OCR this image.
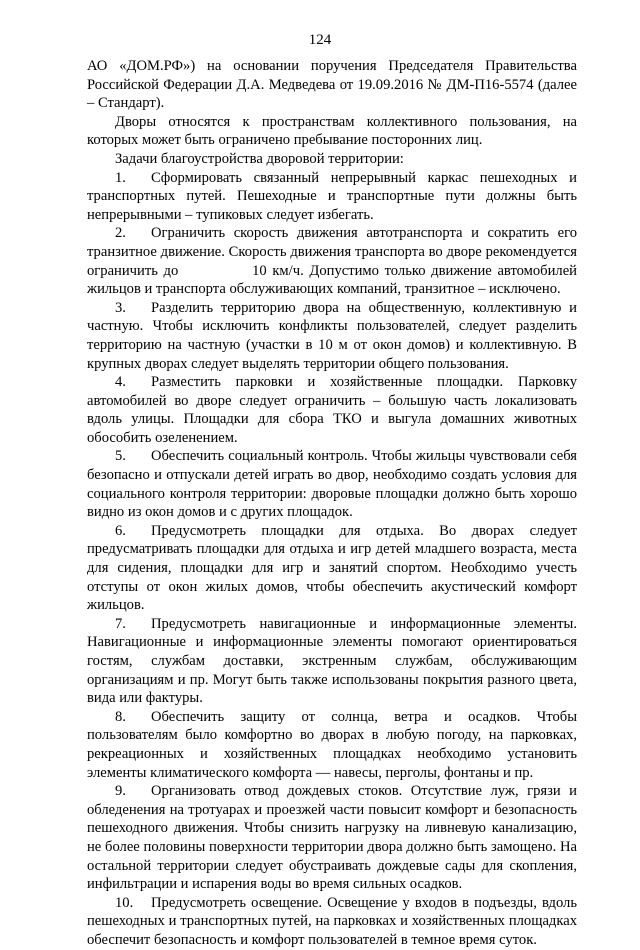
124

АО «ДОМ.РФ») на основании поручения Председателя Правительства Российской Федерации Д.А. Медведева от 19.09.2016 № ДМ-П16-5574 (далее – Стандарт).

Дворы относятся к пространствам коллективного пользования, на которых может быть ограничено пребывание посторонних лиц.

Задачи благоустройства дворовой территории:

1. Сформировать связанный непрерывный каркас пешеходных и транспортных путей. Пешеходные и транспортные пути должны быть непрерывными – тупиковых следует избегать.

2. Ограничить скорость движения автотранспорта и сократить его транзитное движение. Скорость движения транспорта во дворе рекомендуется ограничить до             10 км/ч. Допустимо только движение автомобилей жильцов и транспорта обслуживающих компаний, транзитное – исключено.

3. Разделить территорию двора на общественную, коллективную и частную. Чтобы исключить конфликты пользователей, следует разделить территорию на частную (участки в 10 м от окон домов) и коллективную. В крупных дворах следует выделять территории общего пользования.

4. Разместить парковки и хозяйственные площадки. Парковку автомобилей во дворе следует ограничить – большую часть локализовать вдоль улицы. Площадки для сбора ТКО и выгула домашних животных обособить озеленением.

5. Обеспечить социальный контроль. Чтобы жильцы чувствовали себя безопасно и отпускали детей играть во двор, необходимо создать условия для социального контроля территории: дворовые площадки должно быть хорошо видно из окон домов и с других площадок.

6. Предусмотреть площадки для отдыха. Во дворах следует предусматривать площадки для отдыха и игр детей младшего возраста, места для сидения, площадки для игр и занятий спортом. Необходимо учесть отступы от окон жилых домов, чтобы обеспечить акустический комфорт жильцов.

7. Предусмотреть навигационные и информационные элементы. Навигационные и информационные элементы помогают ориентироваться гостям, службам доставки, экстренным службам, обслуживающим организациям и пр. Могут быть также использованы покрытия разного цвета, вида или фактуры.

8. Обеспечить защиту от солнца, ветра и осадков. Чтобы пользователям было комфортно во дворах в любую погоду, на парковках, рекреационных и хозяйственных площадках необходимо установить элементы климатического комфорта — навесы, перголы, фонтаны и пр.

9. Организовать отвод дождевых стоков. Отсутствие луж, грязи и обледенения на тротуарах и проезжей части повысит комфорт и безопасность пешеходного движения. Чтобы снизить нагрузку на ливневую канализацию, не более половины поверхности территории двора должно быть замощено. На остальной территории следует обустраивать дождевые сады для скопления, инфильтрации и испарения воды во время сильных осадков.

10. Предусмотреть освещение. Освещение у входов в подъезды, вдоль пешеходных и транспортных путей, на парковках и хозяйственных площадках обеспечит безопасность и комфорт пользователей в темное время суток.
